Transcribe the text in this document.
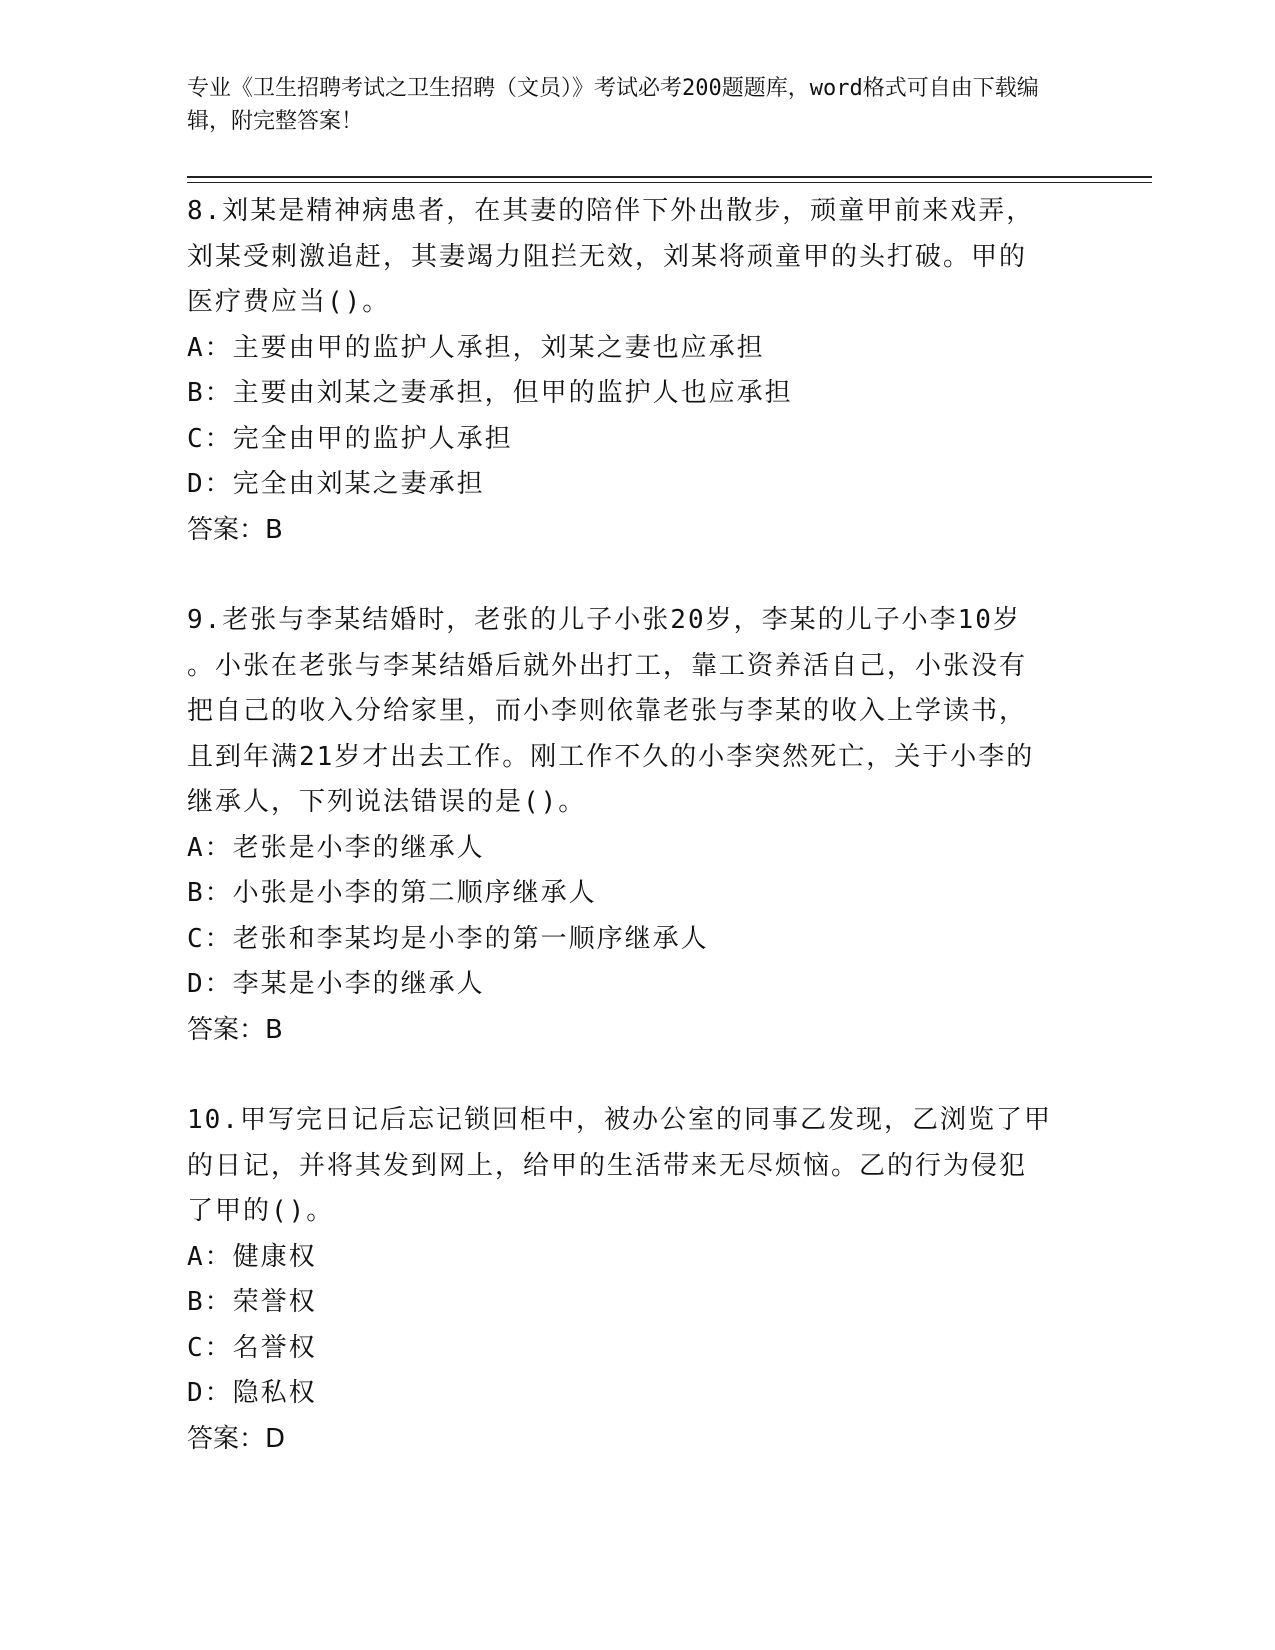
专业《卫生招聘考试之卫生招聘（文员）》考试必考200题题库，word格式可自由下载编辑，附完整答案！

8.刘某是精神病患者，在其妻的陪伴下外出散步，顽童甲前来戏弄，

刘某受刺激追赶，其妻竭力阻拦无效，刘某将顽童甲的头打破。甲的

医疗费应当()。

A：主要由甲的监护人承担，刘某之妻也应承担
B：主要由刘某之妻承担，但甲的监护人也应承担
C：完全由甲的监护人承担
D：完全由刘某之妻承担

答案：B

9.老张与李某结婚时，老张的儿子小张20岁，李某的儿子小李10岁

。小张在老张与李某结婚后就外出打工，靠工资养活自己，小张没有

把自己的收入分给家里，而小李则依靠老张与李某的收入上学读书，

且到年满21岁才出去工作。刚工作不久的小李突然死亡，关于小李的

继承人，下列说法错误的是()。

A：老张是小李的继承人
B：小张是小李的第二顺序继承人
C：老张和李某均是小李的第一顺序继承人
D：李某是小李的继承人

答案：B

10.甲写完日记后忘记锁回柜中，被办公室的同事乙发现，乙浏览了甲

的日记，并将其发到网上，给甲的生活带来无尽烦恼。乙的行为侵犯

了甲的()。

A：健康权
B：荣誉权
C：名誉权
D：隐私权

答案：D
